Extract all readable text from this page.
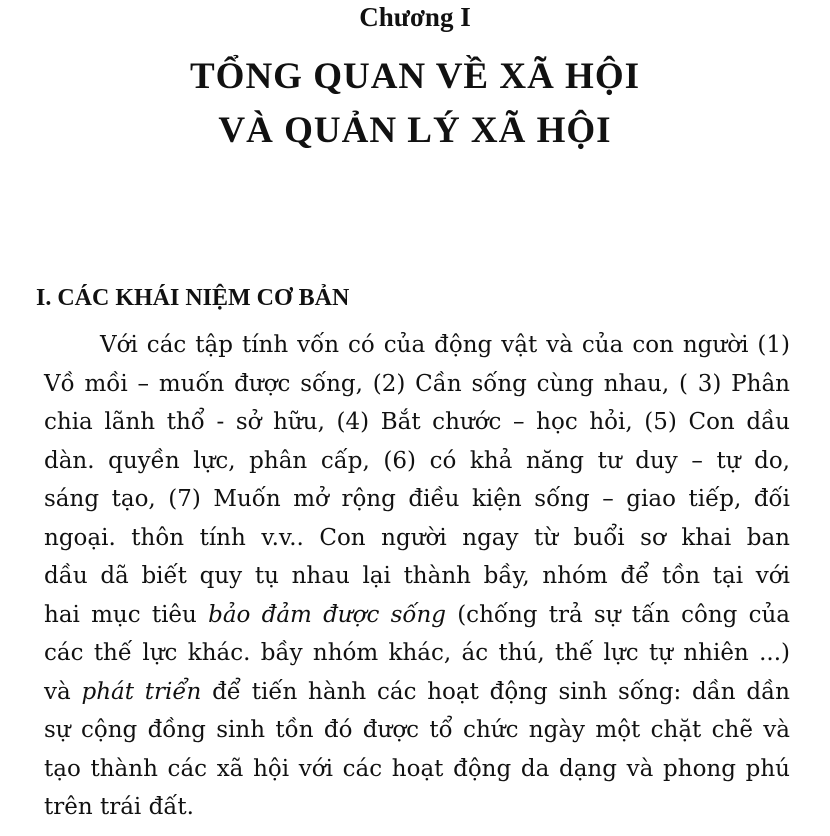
Chương I
TỔNG QUAN VỀ XÃ HỘI
VÀ QUẢN LÝ XÃ HỘI
I. CÁC KHÁI NIỆM CƠ BẢN
Với các tập tính vốn có của động vật và của con người (1)
Vồ mồi – muốn được sống, (2) Cần sống cùng nhau, ( 3) Phân
chia lãnh thổ - sở hữu, (4) Bắt chước – học hỏi, (5) Con dầu
dàn. quyền lực, phân cấp, (6) có khả năng tư duy – tự do,
sáng tạo, (7) Muốn mở rộng điều kiện sống – giao tiếp, đối
ngoại. thôn tính v.v.. Con người ngay từ buổi sơ khai ban
dầu dã biết quy tụ nhau lại thành bầy, nhóm để tồn tại với
hai mục tiêu bảo đảm được sống (chống trả sự tấn công của
các thế lực khác. bầy nhóm khác, ác thú, thế lực tự nhiên ...)
và phát triển để tiến hành các hoạt động sinh sống: dần dần
sự cộng đồng sinh tồn đó được tổ chức ngày một chặt chẽ và
tạo thành các xã hội với các hoạt động da dạng và phong phú
trên trái đất.
